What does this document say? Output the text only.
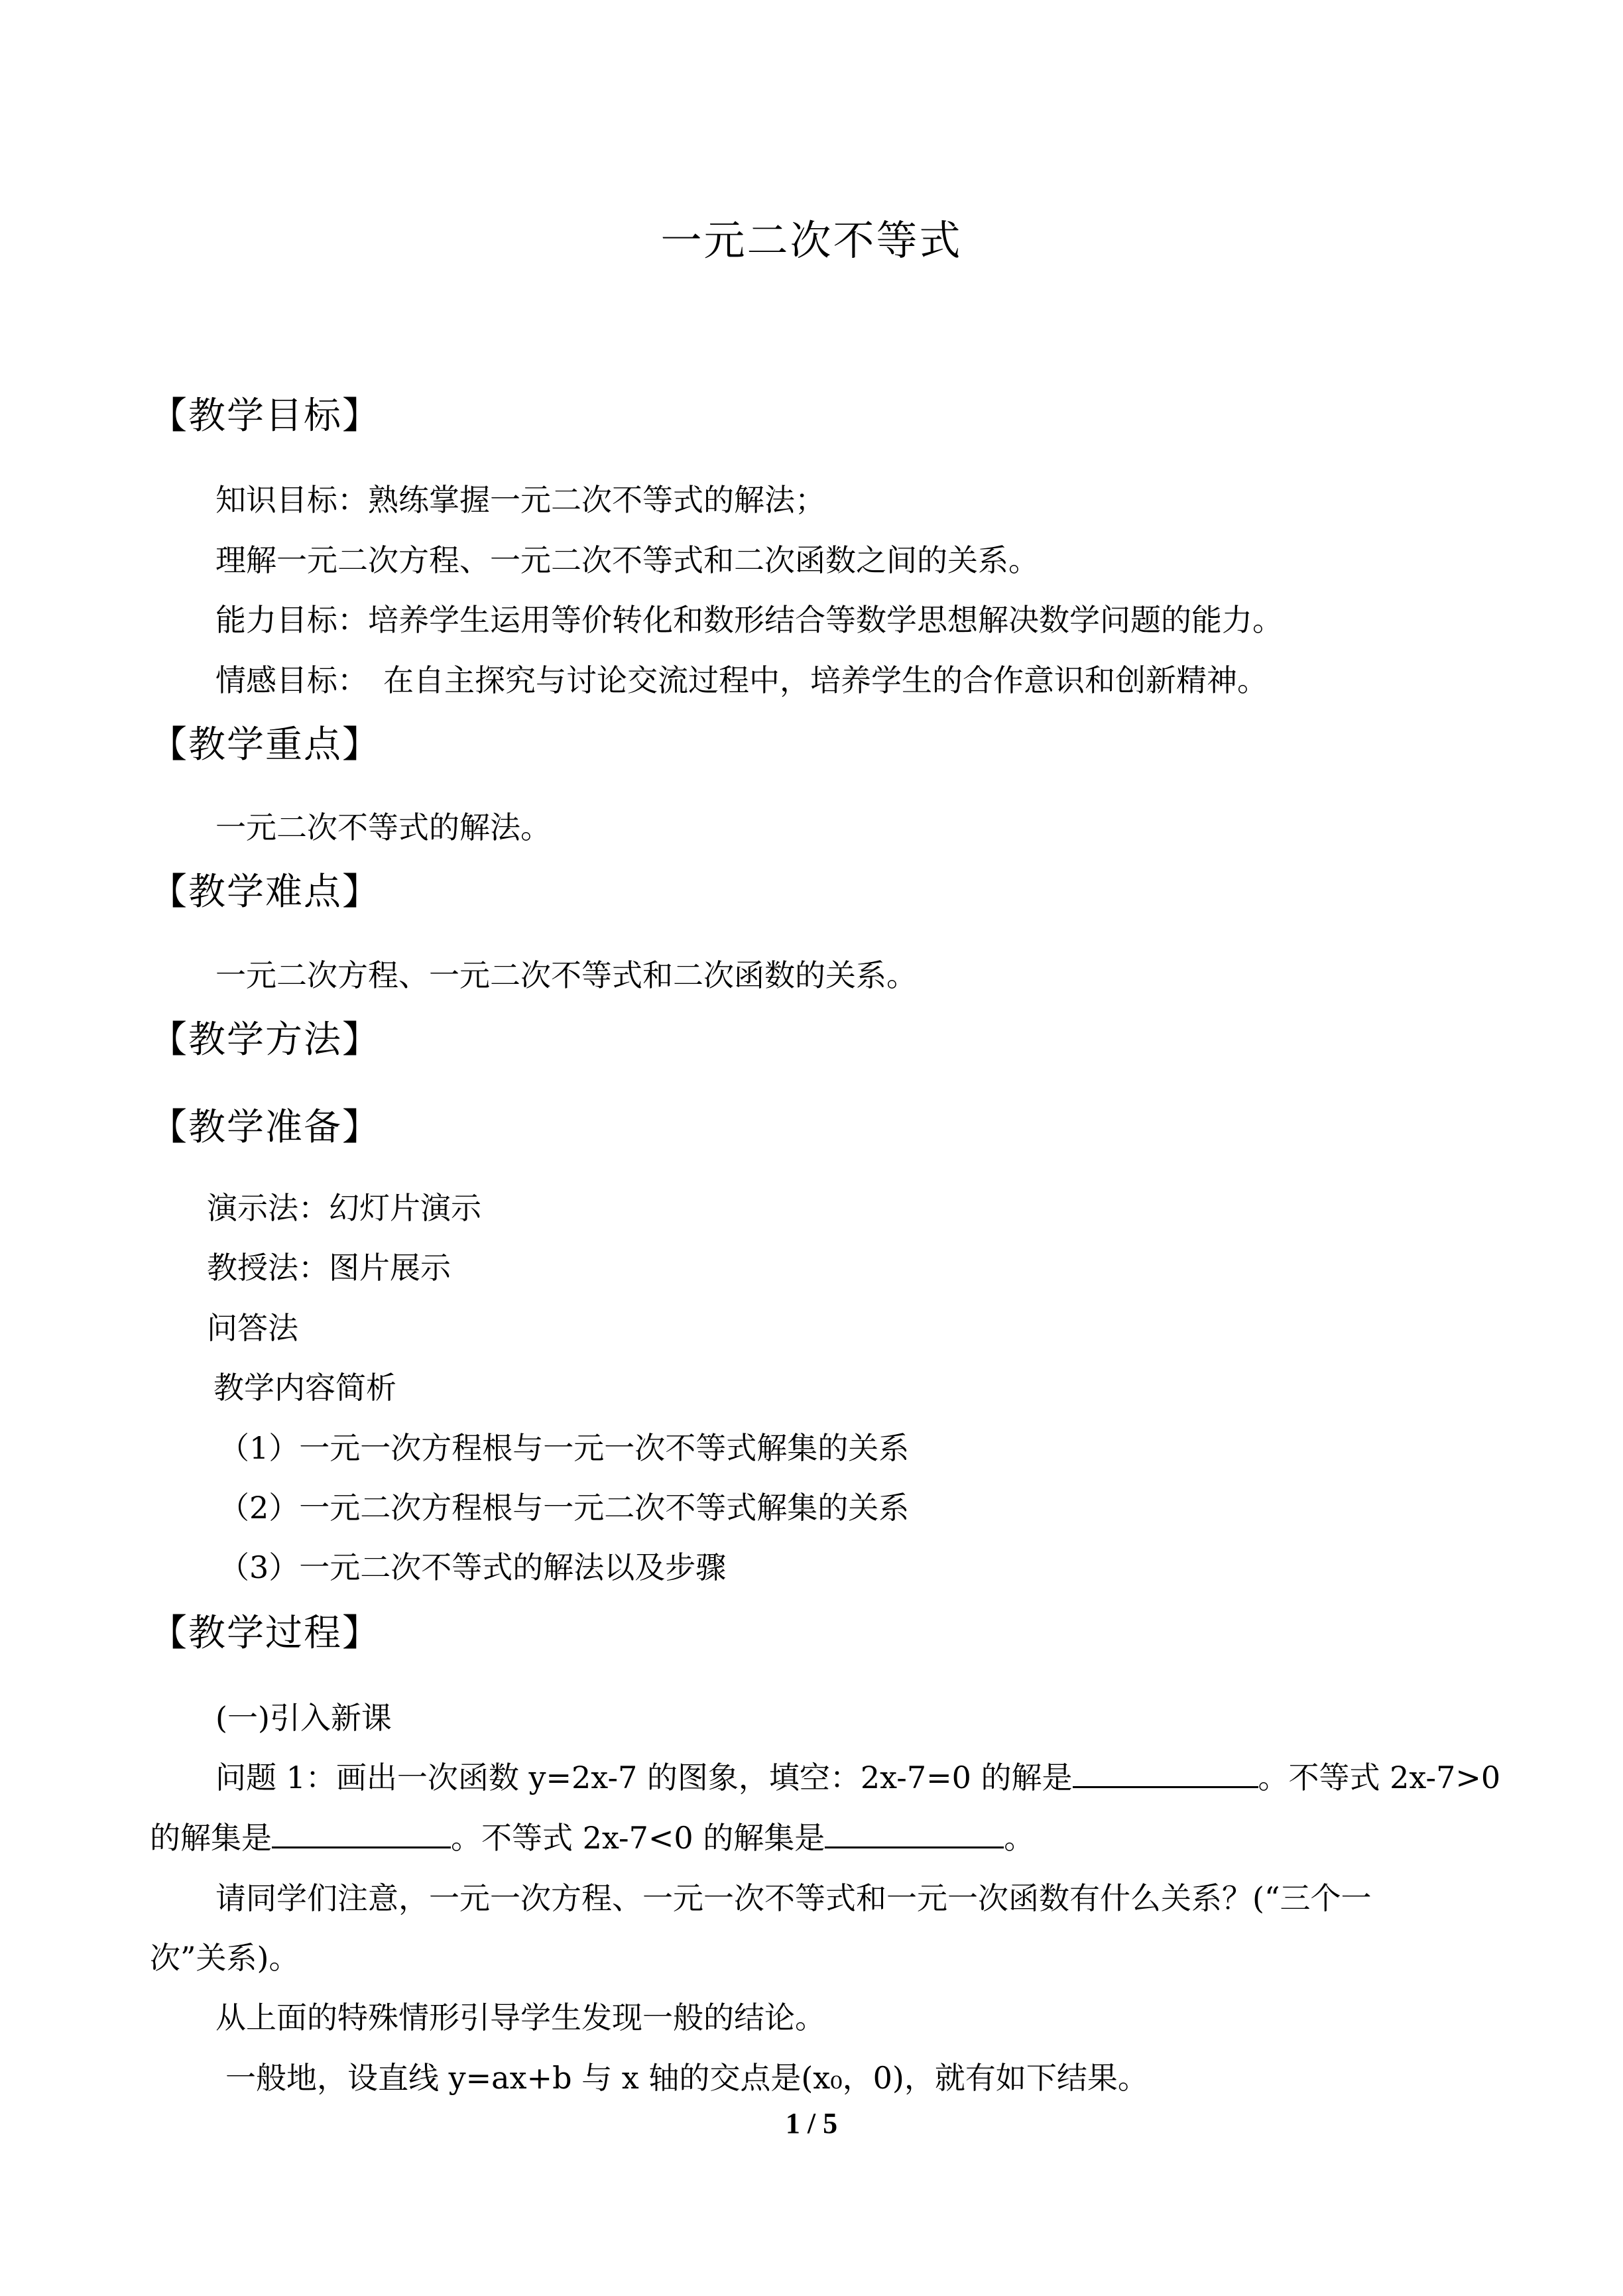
一元二次不等式
【教学目标】
知识目标：熟练掌握一元二次不等式的解法；
理解一元二次方程、一元二次不等式和二次函数之间的关系。
能力目标：培养学生运用等价转化和数形结合等数学思想解决数学问题的能力。
情感目标：　在自主探究与讨论交流过程中，培养学生的合作意识和创新精神。
【教学重点】
一元二次不等式的解法。
【教学难点】
一元二次方程、一元二次不等式和二次函数的关系。
【教学方法】
【教学准备】
演示法：幻灯片演示
教授法：图片展示
问答法
教学内容简析
（1）一元一次方程根与一元一次不等式解集的关系
（2）一元二次方程根与一元二次不等式解集的关系
（3）一元二次不等式的解法以及步骤
【教学过程】
(一)引入新课
问题 1：画出一次函数 y=2x-7 的图象，填空：2x-7=0 的解是	。不等式 2x-7>0
的解集是	。不等式 2x-7<0 的解集是	。
请同学们注意，一元一次方程、一元一次不等式和一元一次函数有什么关系？(“三个一
次”关系)。
从上面的特殊情形引导学生发现一般的结论。
一般地，设直线 y=ax+b 与 x 轴的交点是(x₀，0)，就有如下结果。
1 / 5
